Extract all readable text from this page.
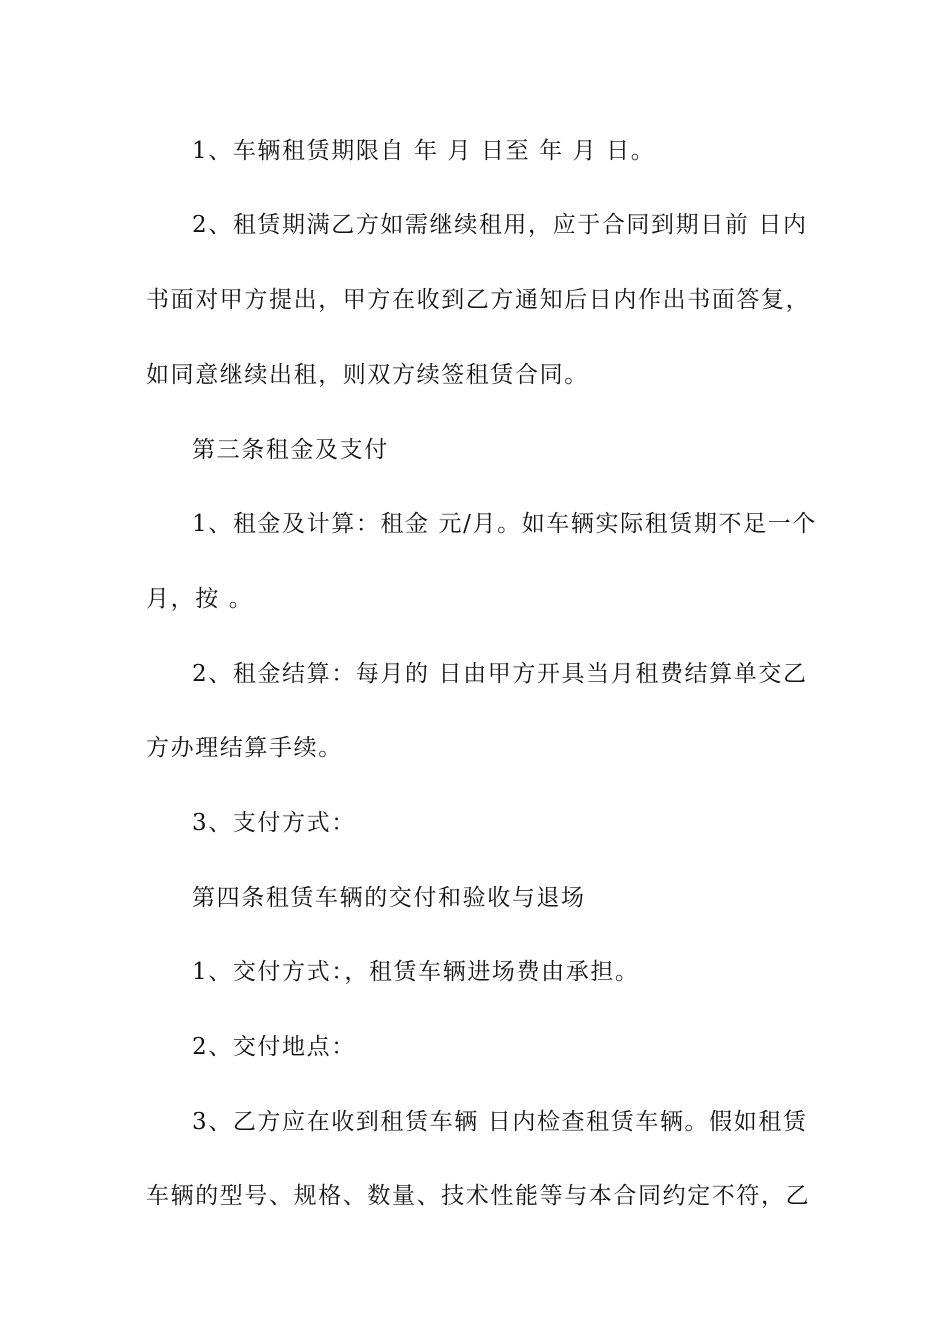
1、车辆租赁期限自 年 月 日至 年 月 日。
2、租赁期满乙方如需继续租用，应于合同到期日前 日内
书面对甲方提出，甲方在收到乙方通知后日内作出书面答复，
如同意继续出租，则双方续签租赁合同。
第三条租金及支付
1、租金及计算：租金 元/月。如车辆实际租赁期不足一个
月，按 。
2、租金结算：每月的 日由甲方开具当月租费结算单交乙
方办理结算手续。
3、支付方式：
第四条租赁车辆的交付和验收与退场
1、交付方式：，租赁车辆进场费由承担。
2、交付地点：
3、乙方应在收到租赁车辆 日内检查租赁车辆。假如租赁
车辆的型号、规格、数量、技术性能等与本合同约定不符，乙
